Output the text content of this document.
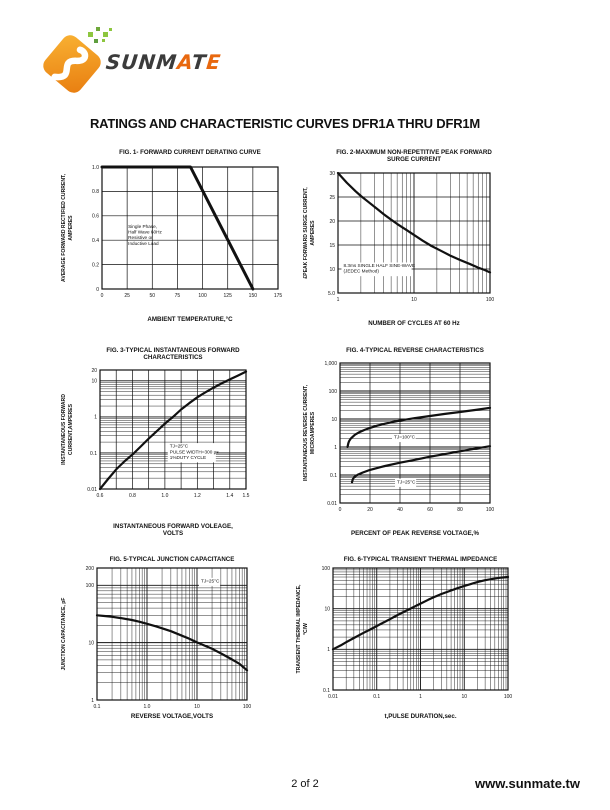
SUNMATE
RATINGS AND CHARACTERISTIC CURVES DFR1A THRU DFR1M
0	25	50	75	100	125	150	175
0
0.2
0.4
0.6
0.8
1.0
Single Phase,
Half Wave 60Hz
Resistive or
Inductive Load
FIG. 1- FORWARD CURRENT DERATING CURVE
AMBIENT TEMPERATURE,°C
AVERAGE FORWARD RECTIFIED CURRENT, AMPERES
1	10	100
5.0
10
15
20
25
30
8.3ms SINGLE HALF SINE-WAVE
(JEDEC Method)
FIG. 2-MAXIMUM NON-REPETITIVE PEAK FORWARD
SURGE CURRENT
NUMBER OF CYCLES AT 60 Hz
£PEAK FORWARD SURGE CURRENT, AMPERES
0.6	0.8	1.0	1.2	1.4 1.5
0.01
0.1
1
10
20
TJ=25°C
PULSE WIDTH=300 μs
1%DUTY CYCLE
FIG. 3-TYPICAL INSTANTANEOUS FORWARD
CHARACTERISTICS
INSTANTANEOUS FORWARD VOLEAGE,
VOLTS
INSTANTANEOUS FORWARD CURRENT,AMPERES
0	20	40	60	80	100
0.01
0.1
1
10
100
1,000
TJ=100°C
TJ=25°C
FIG. 4-TYPICAL REVERSE CHARACTERISTICS
PERCENT OF PEAK REVERSE VOLTAGE,%
INSTANTANEOUS REVERSE CURRENT, MICROAMPERES
0.1	1.0	10	100
1
10
100
200
TJ=25°C
FIG. 5-TYPICAL JUNCTION CAPACITANCE
REVERSE VOLTAGE,VOLTS
JUNCTION CAPACITANCE, pF
0.01	0.1	1	10	100
0.1
1
10
100
FIG. 6-TYPICAL TRANSIENT THERMAL IMPEDANCE
t,PULSE DURATION,sec.
TRANSIENT THERMAL IMPEDANCE, °C/W
2 of 2	www.sunmate.tw
